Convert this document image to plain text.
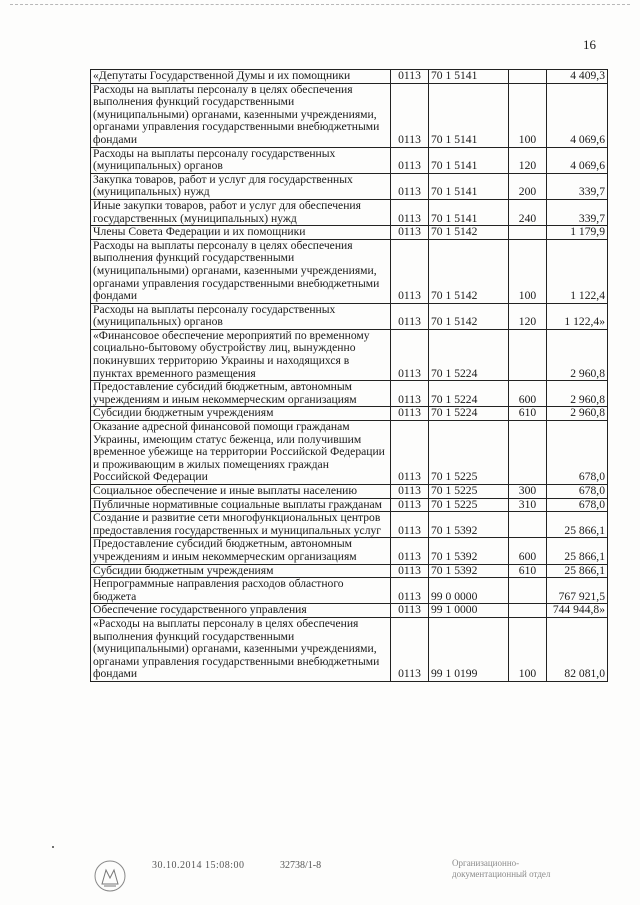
16
«Депутаты Государственной Думы и их помощники	0113	70 1 5141		4 409,3
Расходы на выплаты персоналу в целях обеспечения выполнения функций государственными (муниципальными) органами, казенными учреждениями, органами управления государственными внебюджетными фондами	0113	70 1 5141	100	4 069,6
Расходы на выплаты персоналу государственных (муниципальных) органов	0113	70 1 5141	120	4 069,6
Закупка товаров, работ и услуг для государственных (муниципальных) нужд	0113	70 1 5141	200	339,7
Иные закупки товаров, работ и услуг для обеспечения государственных (муниципальных) нужд	0113	70 1 5141	240	339,7
Члены Совета Федерации и их помощники	0113	70 1 5142		1 179,9
Расходы на выплаты персоналу в целях обеспечения выполнения функций государственными (муниципальными) органами, казенными учреждениями, органами управления государственными внебюджетными фондами	0113	70 1 5142	100	1 122,4
Расходы на выплаты персоналу государственных (муниципальных) органов	0113	70 1 5142	120	1 122,4»
«Финансовое обеспечение мероприятий по временному социально-бытовому обустройству лиц, вынужденно покинувших территорию Украины и находящихся в пунктах временного размещения	0113	70 1 5224		2 960,8
Предоставление субсидий бюджетным, автономным учреждениям и иным некоммерческим организациям	0113	70 1 5224	600	2 960,8
Субсидии бюджетным учреждениям	0113	70 1 5224	610	2 960,8
Оказание адресной финансовой помощи гражданам Украины, имеющим статус беженца, или получившим временное убежище на территории Российской Федерации и проживающим в жилых помещениях граждан Российской Федерации	0113	70 1 5225		678,0
Социальное обеспечение и иные выплаты населению	0113	70 1 5225	300	678,0
Публичные нормативные социальные выплаты гражданам	0113	70 1 5225	310	678,0
Создание и развитие сети многофункциональных центров предоставления государственных и муниципальных услуг	0113	70 1 5392		25 866,1
Предоставление субсидий бюджетным, автономным учреждениям и иным некоммерческим организациям	0113	70 1 5392	600	25 866,1
Субсидии бюджетным учреждениям	0113	70 1 5392	610	25 866,1
Непрограммные направления расходов областного бюджета	0113	99 0 0000		767 921,5
Обеспечение государственного управления	0113	99 1 0000		744 944,8»
«Расходы на выплаты персоналу в целях обеспечения выполнения функций государственными (муниципальными) органами, казенными учреждениями, органами управления государственными внебюджетными фондами	0113	99 1 0199	100	82 081,0
30.10.2014 15:08:00	32738/1-8	Организационно-
документационный отдел
